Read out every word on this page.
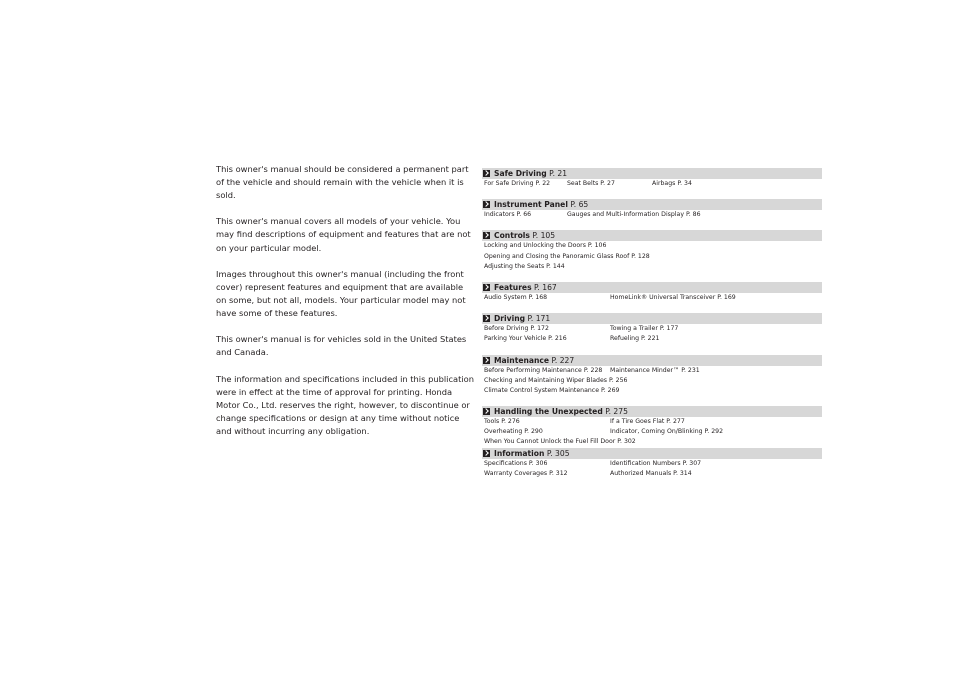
This owner's manual should be considered a permanent part of the vehicle and should remain with the vehicle when it is sold.

This owner's manual covers all models of your vehicle. You may find descriptions of equipment and features that are not on your particular model.

Images throughout this owner's manual (including the front cover) represent features and equipment that are available on some, but not all, models. Your particular model may not have some of these features.

This owner's manual is for vehicles sold in the United States and Canada.

The information and specifications included in this publication were in effect at the time of approval for printing. Honda Motor Co., Ltd. reserves the right, however, to discontinue or change specifications or design at any time without notice and without incurring any obligation.

Safe Driving P. 21
For Safe Driving P. 22	Seat Belts P. 27	Airbags P. 34
Instrument Panel P. 65
Indicators P. 66	Gauges and Multi-Information Display P. 86
Controls P. 105
Locking and Unlocking the Doors P. 106
Opening and Closing the Panoramic Glass Roof P. 128
Adjusting the Seats P. 144
Features P. 167
Audio System P. 168	HomeLink® Universal Transceiver P. 169
Driving P. 171
Before Driving P. 172	Towing a Trailer P. 177
Parking Your Vehicle P. 216	Refueling P. 221
Maintenance P. 227
Before Performing Maintenance P. 228	Maintenance Minder™ P. 231
Checking and Maintaining Wiper Blades P. 256
Climate Control System Maintenance P. 269
Handling the Unexpected P. 275
Tools P. 276	If a Tire Goes Flat P. 277
Overheating P. 290	Indicator, Coming On/Blinking P. 292
When You Cannot Unlock the Fuel Fill Door P. 302
Information P. 305
Specifications P. 306	Identification Numbers P. 307
Warranty Coverages P. 312	Authorized Manuals P. 314
